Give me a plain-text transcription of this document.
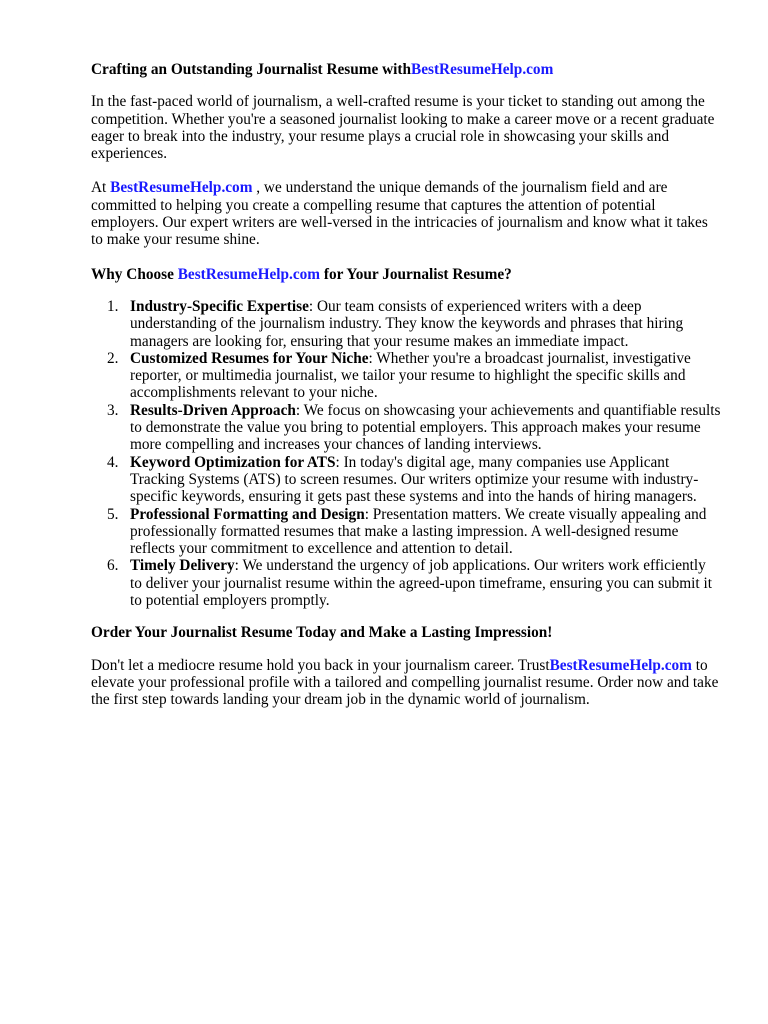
Crafting an Outstanding Journalist Resume withBestResumeHelp.com

In the fast-paced world of journalism, a well-crafted resume is your ticket to standing out among the competition. Whether you're a seasoned journalist looking to make a career move or a recent graduate eager to break into the industry, your resume plays a crucial role in showcasing your skills and experiences.

At BestResumeHelp.com , we understand the unique demands of the journalism field and are committed to helping you create a compelling resume that captures the attention of potential employers. Our expert writers are well-versed in the intricacies of journalism and know what it takes to make your resume shine.

Why Choose BestResumeHelp.com for Your Journalist Resume?

1. Industry-Specific Expertise: Our team consists of experienced writers with a deep understanding of the journalism industry. They know the keywords and phrases that hiring managers are looking for, ensuring that your resume makes an immediate impact.
2. Customized Resumes for Your Niche: Whether you're a broadcast journalist, investigative reporter, or multimedia journalist, we tailor your resume to highlight the specific skills and accomplishments relevant to your niche.
3. Results-Driven Approach: We focus on showcasing your achievements and quantifiable results to demonstrate the value you bring to potential employers. This approach makes your resume more compelling and increases your chances of landing interviews.
4. Keyword Optimization for ATS: In today's digital age, many companies use Applicant Tracking Systems (ATS) to screen resumes. Our writers optimize your resume with industry-specific keywords, ensuring it gets past these systems and into the hands of hiring managers.
5. Professional Formatting and Design: Presentation matters. We create visually appealing and professionally formatted resumes that make a lasting impression. A well-designed resume reflects your commitment to excellence and attention to detail.
6. Timely Delivery: We understand the urgency of job applications. Our writers work efficiently to deliver your journalist resume within the agreed-upon timeframe, ensuring you can submit it to potential employers promptly.

Order Your Journalist Resume Today and Make a Lasting Impression!

Don't let a mediocre resume hold you back in your journalism career. TrustBestResumeHelp.com to elevate your professional profile with a tailored and compelling journalist resume. Order now and take the first step towards landing your dream job in the dynamic world of journalism.
